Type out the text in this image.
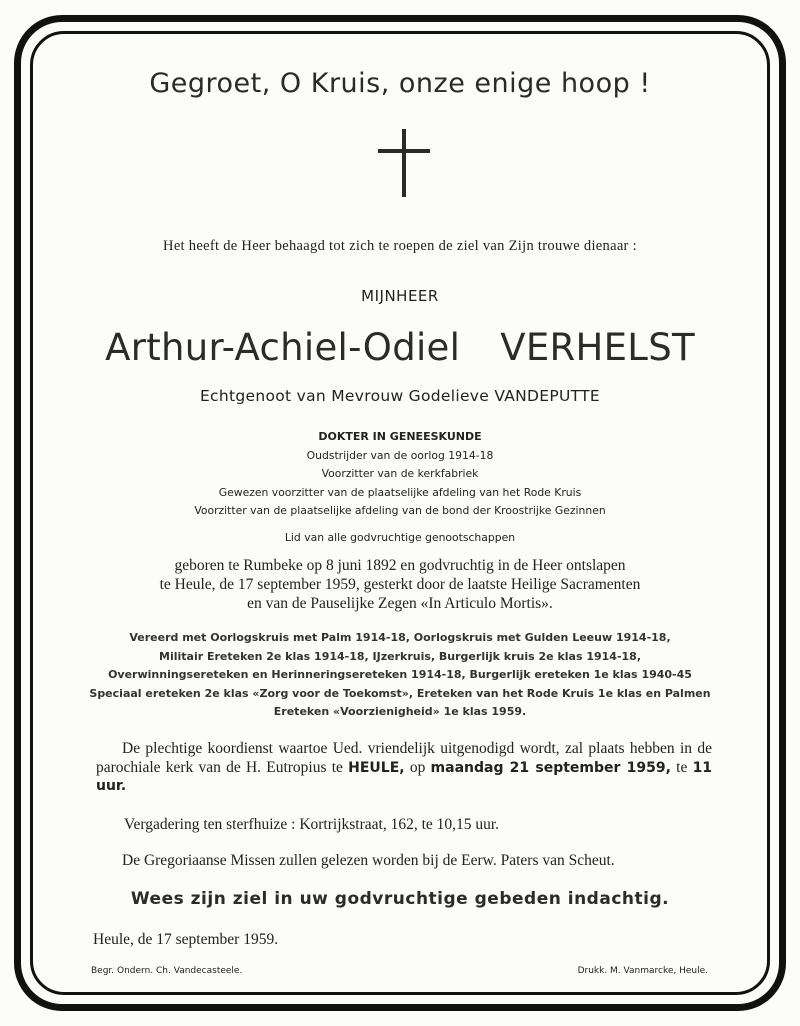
Gegroet, O Kruis, onze enige hoop !
Het heeft de Heer behaagd tot zich te roepen de ziel van Zijn trouwe dienaar :
MIJNHEER
Arthur-Achiel-Odiel VERHELST
Echtgenoot van Mevrouw Godelieve VANDEPUTTE
DOKTER IN GENEESKUNDE
Oudstrijder van de oorlog 1914-18
Voorzitter van de kerkfabriek
Gewezen voorzitter van de plaatselijke afdeling van het Rode Kruis
Voorzitter van de plaatselijke afdeling van de bond der Kroostrijke Gezinnen
Lid van alle godvruchtige genootschappen
geboren te Rumbeke op 8 juni 1892 en godvruchtig in de Heer ontslapen
te Heule, de 17 september 1959, gesterkt door de laatste Heilige Sacramenten
en van de Pauselijke Zegen «In Articulo Mortis».
Vereerd met Oorlogskruis met Palm 1914-18, Oorlogskruis met Gulden Leeuw 1914-18,
Militair Ereteken 2e klas 1914-18, IJzerkruis, Burgerlijk kruis 2e klas 1914-18,
Overwinningsereteken en Herinneringsereteken 1914-18, Burgerlijk ereteken 1e klas 1940-45
Speciaal ereteken 2e klas «Zorg voor de Toekomst», Ereteken van het Rode Kruis 1e klas en Palmen
Ereteken «Voorzienigheid» 1e klas 1959.
De plechtige koordienst waartoe Ued. vriendelijk uitgenodigd wordt, zal plaats hebben in de parochiale kerk van de H. Eutropius te HEULE, op maandag 21 september 1959, te 11 uur.
Vergadering ten sterfhuize : Kortrijkstraat, 162, te 10,15 uur.
De Gregoriaanse Missen zullen gelezen worden bij de Eerw. Paters van Scheut.
Wees zijn ziel in uw godvruchtige gebeden indachtig.
Heule, de 17 september 1959.
Begr. Ondern. Ch. Vandecasteele.	Drukk. M. Vanmarcke, Heule.
